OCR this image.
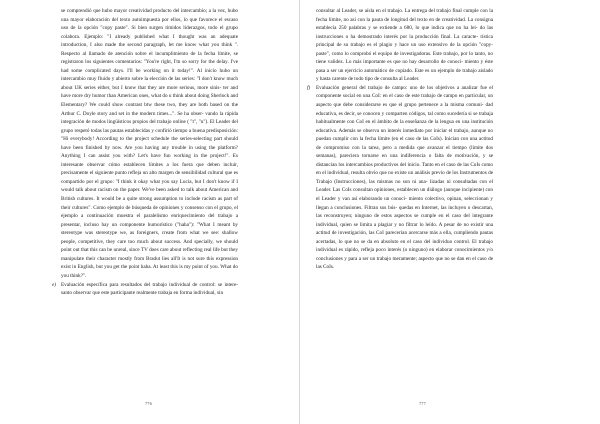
se comprendió que hubo mayor creatividad producto del intercambio; a la vez, hubo una mayor elaboración del texto autoimpuesta por ellos, lo que favorece el escaso uso de la opción "copy paste". Si bien surgen tímidos liderazgos, todo el grupo colabora. Ejemplo: "I already published what I thought was an adequate introduction, I also made the second paragraph, let me know what you think ". Respecto al llamado de atención sobre el incumplimiento de la fecha límite, se registraron los siguientes comentarios: "You're right, I'm so sorry for the delay. I've had some complicated days. I'll be working on it today!". Al inicio hubo un intercambio muy fluido y abierto sobre la elección de las series: "I don't know much about UK series either, but I know that they are more serious, more sinis- ter and have more dry humor than American ones, what do u think about doing Sherlock and Elementary? We could show contrast btw these two, they are both based on the Arthur C. Doyle story and set in the modern times...". Se ha obser- vando la rápida integración de modos lingüísticos propios del trabajo online ( "t", "u"). El Leader del grupo respetó todas las pautas establecidas y confirió tiempo a buena predisposición: "Hi everybody! According to the project schedule the series-selecting part should have been finished by now. Are you having any trouble in using the platform? Anything I can assist you with? Let's have fun working in the project!". Es interesante observar cómo establecen límites a los fuera que deben incluir, precisamente el siguiente punto refleja un alto margen de sensibilidad cultural que es compartido por el grupo: "I think it okay what you say Lucia, but I don't know if I would talk about racism on the paper. We've been asked to talk about American and British cultures. It would be a quite strong assumption to include racism as part of their cultures". Como ejemplo de búsqueda de opiniones y consenso con el grupo, el ejemplo a continuación muestra el paralelismo enriquecimiento del trabajo a presentar, incluso hay un componente humorístico ("haha"): "What I meant by stereotype was stereotype we, as foreigners, create from what we see: shallow people, competitive, they care too much about success. And specially, we should point out that this can be unreal, since TV does care about reflecting real life but they manipulate their character mostly from Bradut lies all'It is not sure this expression exist in English, but you get the point haha. At least this is my point of you. What do you think?".

e) Evaluación específica para resultados del trabajo individual de control: se intere- santo observar que este participante realmente trabaja en forma individual, sin

776

consultar al Leader, se aísla en el trabajo. La entrega del trabajo final cumple con la fecha límite, no así con la pauta de longitud del texto en de creatividad. La consigna establecía 250 palabras y se extiende a 680, lo que indica que no ha lei- do las instrucciones o ha demostrado interés por la producción final. La caracte- rística principal de su trabajo es el plagio y hace un uso extensivo de la opción "copy-paste", como lo comprobó el equipo de investigadoras. Este trabajo, por lo tanto, no tiene validez. Lo más importante es que no hay desarrollo de conoci- miento y éste pasa a ser un ejercicio automático de copiado. Este es un ejemplo de trabajo aislado y hasta carente de todo tipo de consulta al Leader.

f) Evaluación general del trabajo de campo: uno de los objetivos a analizar fue el componente social en una CoI: en el caso de este trabajo de campo en particular, un aspecto que debe considerarse es que el grupo pertenece a la misma comuni- dad educativa, es decir, se conocen y comparten códigos, tal como sucedería si se trabaja habitualmente con CoI en el ámbito de la enseñanza de la lengua en una institución educativa. Además se observa un interés inmediato por iniciar el trabajo, aunque no puedan cumplir con la fecha límite (en el caso de las CoIs). Inician con una actitud de compromiso con la tarea, pero a medida que avanzar el tiempo (límite dos semanas), pareciera tornarse en una indiferencia o falta de motivación, y se distancian los intercambios productivos del inicio. Tanto en el caso de las CoIs como en el individual, resulta obvio que no existe un análisis previo de los Instrumentos de Trabajo (Instrucciones), las mismas no son ni ana- lizadas ni consultadas con el Leader. Las CoIs consultan opiniones, establecen un diálogo (aunque incipiente) con el Leader y van así elaborando un conoci- miento colectivo, opinan, seleccionan y llegan a conclusiones. Filtran sus bús- quedas en Internet, las incluyen o descartan, las reconstruyen; ninguno de estos aspectos se cumple en el caso del integrante individual, quien se limita a plagiar y no filtrar lo leído. A pesar de no existir una actitud de investigación, las CoI parecerían acercarse más a ella, cumpliendo pautas acertadas, lo que no se da en absoluto en el caso del individuo control. El trabajo individual es rápido, refleja poco interés (o ninguno) en elaborar conocimientos y/o conclusiones y para a ser un trabajo meramente; aspecto que no se dan en el caso de las CoIs.

777
